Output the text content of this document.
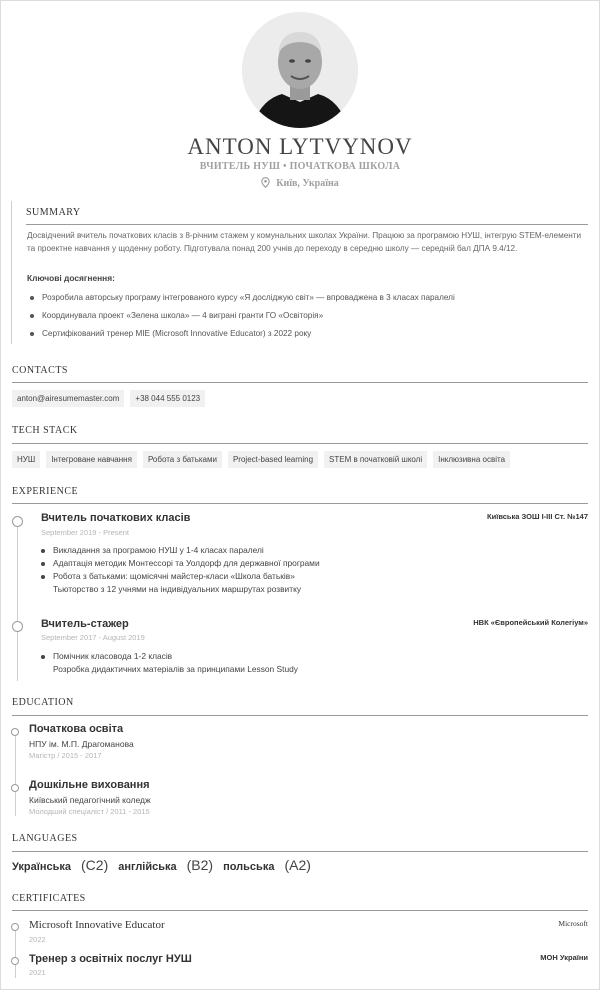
ANTON LYTVYNOV
ВЧИТЕЛЬ НУШ • ПОЧАТКОВА ШКОЛА
Київ, Україна
SUMMARY
Досвідчений вчитель початкових класів з 8-річним стажем у комунальних школах України. Працюю за програмою НУШ, інтегрую STEM-елементи та проектне навчання у щоденну роботу. Підготувала понад 200 учнів до переходу в середню школу — середній бал ДПА 9.4/12.
Ключові досягнення:
Розробила авторську програму інтегрованого курсу «Я досліджую світ» — впроваджена в 3 класах паралелі
Координувала проект «Зелена школа» — 4 виграні гранти ГО «Освіторія»
Сертифікований тренер MIE (Microsoft Innovative Educator) з 2022 року
CONTACTS
anton@airesumemaster.com	+38 044 555 0123
TECH STACK
НУШ	Інтегроване навчання	Робота з батьками	Project-based learning	STEM в початковій школі	Інклюзивна освіта
EXPERIENCE
Вчитель початкових класів	Київська ЗОШ І-ІІІ Ст. №147
September 2019 - Present
Викладання за програмою НУШ у 1-4 класах паралелі
Адаптація методик Монтессорі та Уолдорф для державної програми
Робота з батьками: щомісячні майстер-класи «Школа батьків»
Тьюторство з 12 учнями на індивідуальних маршрутах розвитку
Вчитель-стажер	НВК «Європейський Колегіум»
September 2017 - August 2019
Помічник класовода 1-2 класів
Розробка дидактичних матеріалів за принципами Lesson Study
EDUCATION
Початкова освіта
НПУ ім. М.П. Драгоманова
Магістр / 2015 - 2017
Дошкільне виховання
Київський педагогічний коледж
Молодший спеціаліст / 2011 - 2015
LANGUAGES
Українська (C2) англійська (B2) польська (A2)
CERTIFICATES
Microsoft Innovative Educator	Microsoft
2022
Тренер з освітніх послуг НУШ	МОН України
2021
